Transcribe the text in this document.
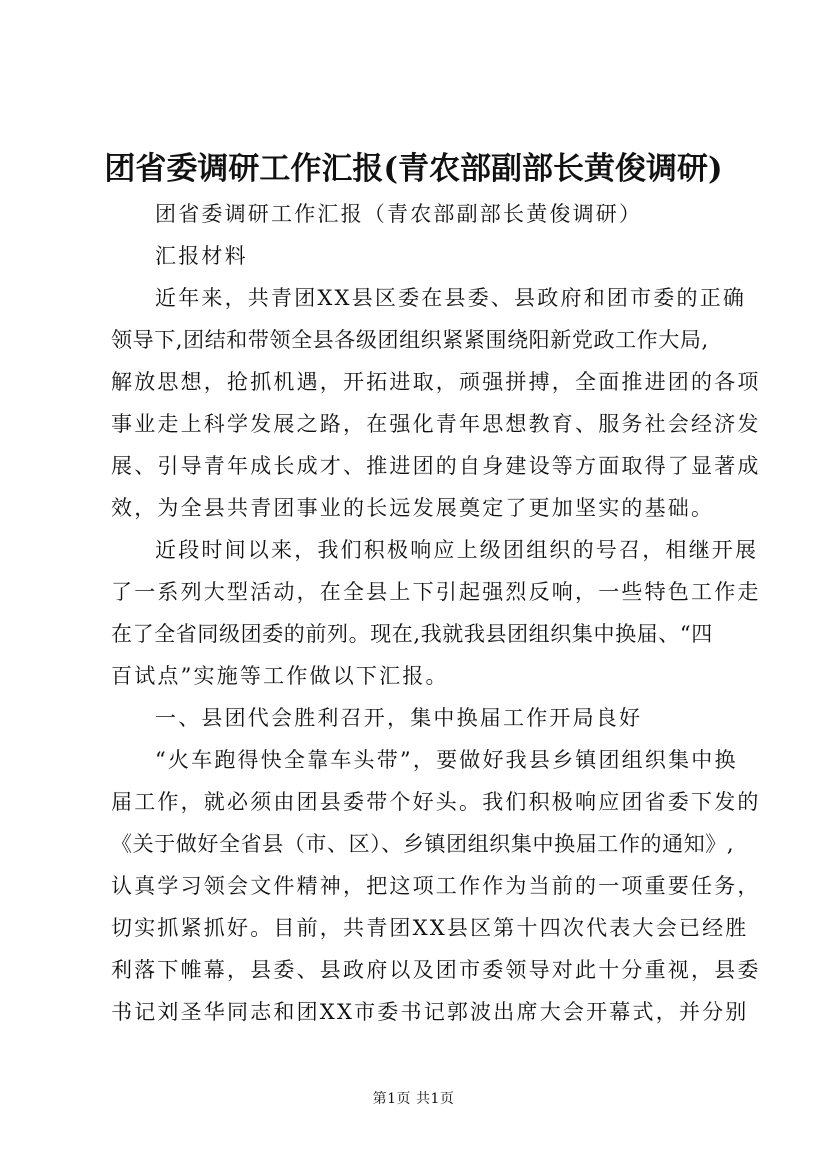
团省委调研工作汇报(青农部副部长黄俊调研)
团省委调研工作汇报（青农部副部长黄俊调研）
汇报材料
近年来，共青团XX县区委在县委、县政府和团市委的正确
领导下,团结和带领全县各级团组织紧紧围绕阳新党政工作大局,
解放思想，抢抓机遇，开拓进取，顽强拼搏，全面推进团的各项
事业走上科学发展之路，在强化青年思想教育、服务社会经济发
展、引导青年成长成才、推进团的自身建设等方面取得了显著成
效，为全县共青团事业的长远发展奠定了更加坚实的基础。
近段时间以来，我们积极响应上级团组织的号召，相继开展
了一系列大型活动，在全县上下引起强烈反响，一些特色工作走
在了全省同级团委的前列。现在,我就我县团组织集中换届、“四
百试点”实施等工作做以下汇报。
一、县团代会胜利召开，集中换届工作开局良好
“火车跑得快全靠车头带”，要做好我县乡镇团组织集中换
届工作，就必须由团县委带个好头。我们积极响应团省委下发的
《关于做好全省县（市、区）、乡镇团组织集中换届工作的通知》,
认真学习领会文件精神，把这项工作作为当前的一项重要任务，
切实抓紧抓好。目前，共青团XX县区第十四次代表大会已经胜
利落下帷幕，县委、县政府以及团市委领导对此十分重视，县委
书记刘圣华同志和团XX市委书记郭波出席大会开幕式，并分别
第1页 共1页
